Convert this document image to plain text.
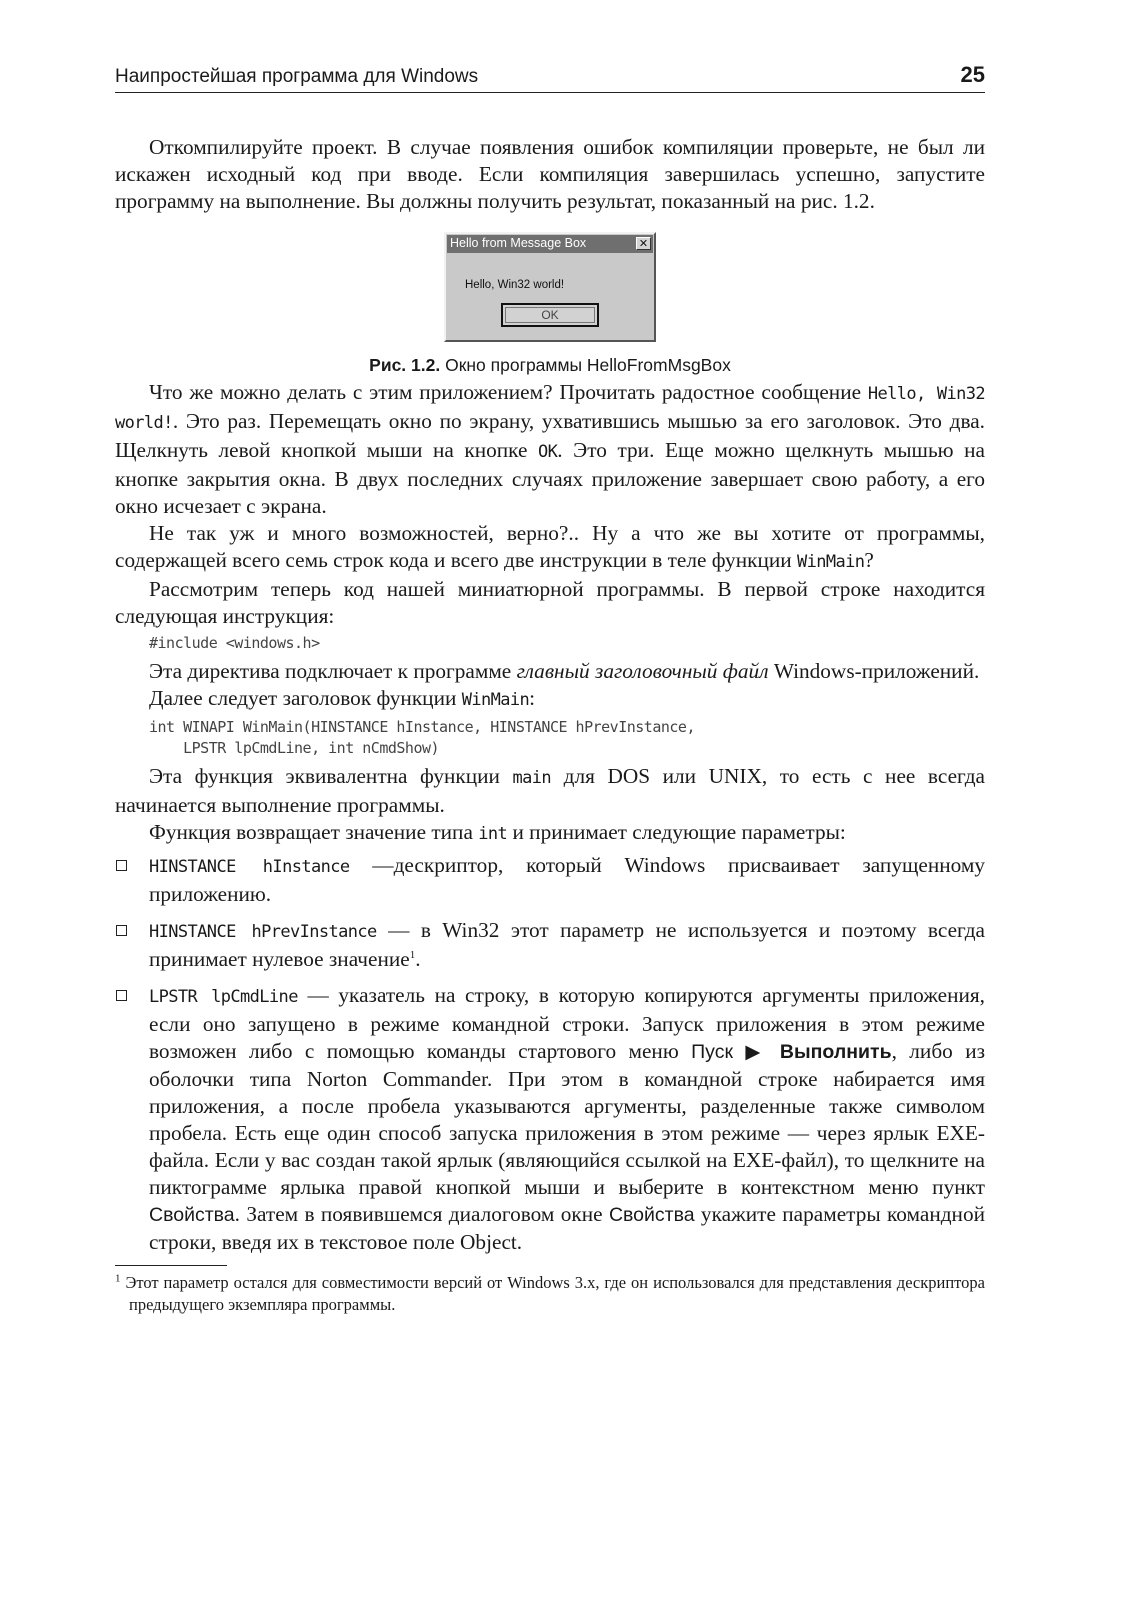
Наипростейшая программа для Windows	25

Откомпилируйте проект. В случае появления ошибок компиляции проверьте, не был ли искажен исходный код при вводе. Если компиляция завершилась успешно, запустите программу на выполнение. Вы должны получить результат, показанный на рис. 1.2.

Hello from Message Box	✕
Hello, Win32 world!
OK
Рис. 1.2. Окно программы HelloFromMsgBox

Что же можно делать с этим приложением? Прочитать радостное сообщение Hello, Win32 world!. Это раз. Перемещать окно по экрану, ухватившись мышью за его заголовок. Это два. Щелкнуть левой кнопкой мыши на кнопке OK. Это три. Еще можно щелкнуть мышью на кнопке закрытия окна. В двух последних случаях приложение завершает свою работу, а его окно исчезает с экрана.

Не так уж и много возможностей, верно?.. Ну а что же вы хотите от программы, содержащей всего семь строк кода и всего две инструкции в теле функции WinMain?

Рассмотрим теперь код нашей миниатюрной программы. В первой строке находится следующая инструкция:

#include <windows.h>

Эта директива подключает к программе главный заголовочный файл Windows-приложений.

Далее следует заголовок функции WinMain:

int WINAPI WinMain(HINSTANCE hInstance, HINSTANCE hPrevInstance,
LPSTR lpCmdLine, int nCmdShow)

Эта функция эквивалентна функции main для DOS или UNIX, то есть с нее всегда начинается выполнение программы.

Функция возвращает значение типа int и принимает следующие параметры:

HINSTANCE hInstance —дескриптор, который Windows присваивает запущенному приложению.
HINSTANCE hPrevInstance — в Win32 этот параметр не используется и поэтому всегда принимает нулевое значение$^1$.
LPSTR lpCmdLine — указатель на строку, в которую копируются аргументы приложения, если оно запущено в режиме командной строки. Запуск приложения в этом режиме возможен либо с помощью команды стартового меню Пуск ▶ Выполнить, либо из оболочки типа Norton Commander. При этом в командной строке набирается имя приложения, а после пробела указываются аргументы, разделенные также символом пробела. Есть еще один способ запуска приложения в этом режиме — через ярлык EXE-файла. Если у вас создан такой ярлык (являющийся ссылкой на EXE-файл), то щелкните на пиктограмме ярлыка правой кнопкой мыши и выберите в контекстном меню пункт Свойства. Затем в появившемся диалоговом окне Свойства укажите параметры командной строки, введя их в текстовое поле Object.
$^1$ Этот параметр остался для совместимости версий от Windows 3.x, где он использовался для представления дескриптора предыдущего экземпляра программы.
